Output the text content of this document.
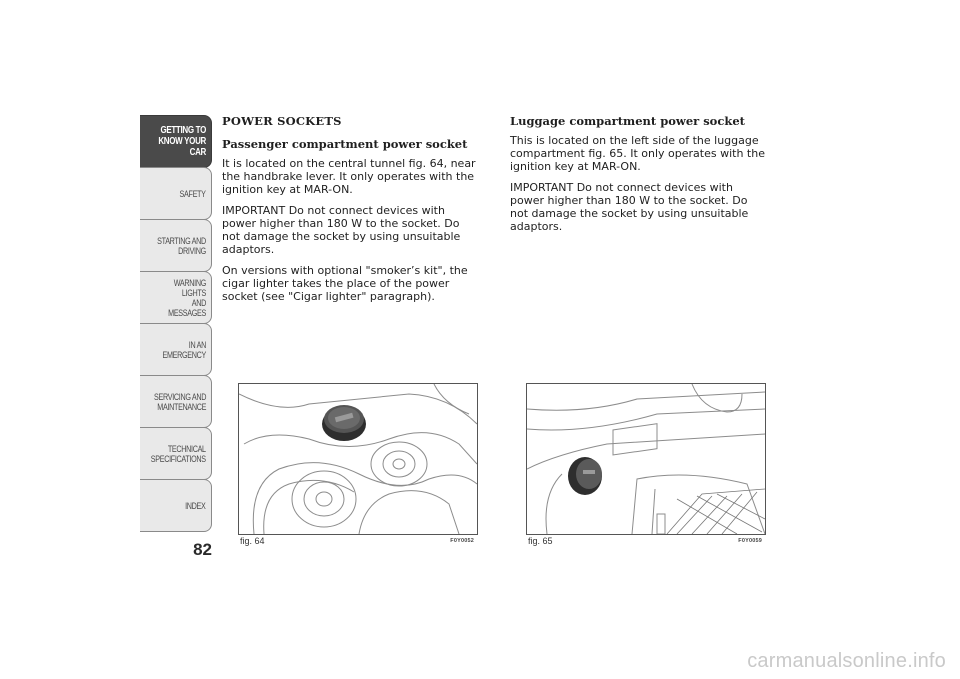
GETTING TO
KNOW YOUR CAR
SAFETY
STARTING AND
DRIVING
WARNING LIGHTS
AND MESSAGES
IN AN EMERGENCY
SERVICING AND
MAINTENANCE
TECHNICAL
SPECIFICATIONS
INDEX
82
POWER SOCKETS
Passenger compartment power socket

It is located on the central tunnel fig. 64, near the handbrake lever. It only operates with the ignition key at MAR-ON.

IMPORTANT Do not connect devices with power higher than 180 W to the socket. Do not damage the socket by using unsuitable adaptors.

On versions with optional "smoker’s kit", the cigar lighter takes the place of the power socket (see "Cigar lighter" paragraph).

Luggage compartment power socket

This is located on the left side of the luggage compartment fig. 65. It only operates with the ignition key at MAR-ON.

IMPORTANT Do not connect devices with power higher than 180 W to the socket. Do not damage the socket by using unsuitable adaptors.

fig. 64	F0Y0052	fig. 65	F0Y0059
carmanualsonline.info
